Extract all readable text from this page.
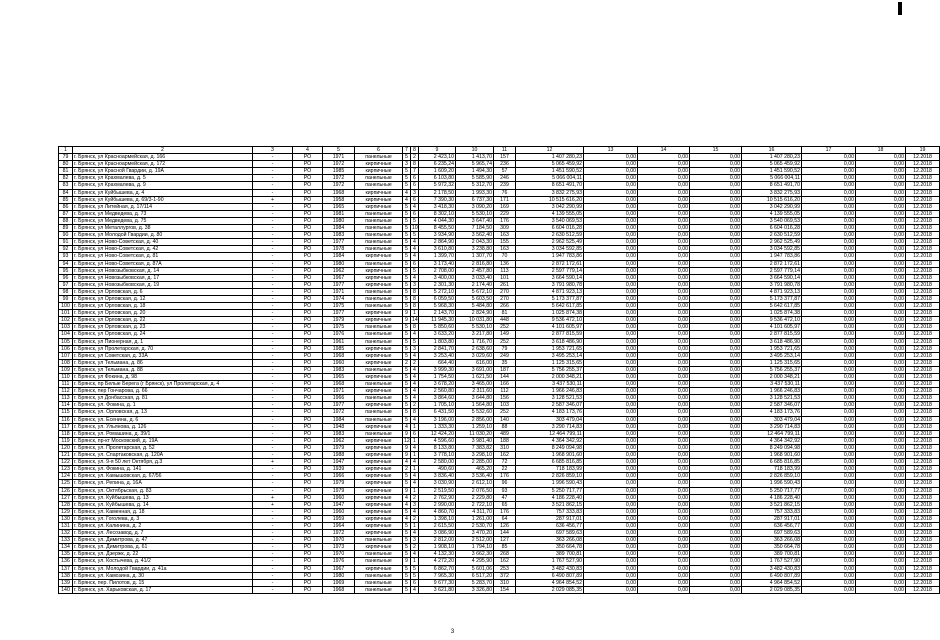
1	2	3	4	5	6	7	8	9	10	11	12	13	14	15	16	17	18	19
79	г. Брянск, ул Красноармейская, д. 166	-	РО	1971	панельные	5	2	2 423,10	1 413,70	157	1 407 280,23	0,00	0,00	0,00	1 407 280,23	0,00	0,00	12.2018
80	г. Брянск, ул Красноармейская, д. 172	-	РО	1972	кирпичные	3	8	6 235,24	5 965,74	236	5 065 459,92	0,00	0,00	0,00	5 065 459,92	0,00	0,00	12.2018
81	г. Брянск, ул Красной Гвардии, д. 19А	-	РО	1985	кирпичные	5	7	1 609,20	1 494,30	57	1 451 590,52	0,00	0,00	0,00	1 451 590,52	0,00	0,00	12.2018
82	г. Брянск, ул Крахмалева, д. 5	-	РО	1972	панельные	5	6	6 103,80	5 585,90	246	5 066 004,11	0,00	0,00	0,00	5 066 004,11	0,00	0,00	12.2018
83	г. Брянск, ул Крахмалева, д. 9	-	РО	1972	панельные	5	6	5 972,32	5 312,70	239	8 651 491,70	0,00	0,00	0,00	8 651 491,70	0,00	0,00	12.2018
84	г. Брянск, ул Куйбышева, д. 4	-	РО	1968	кирпичные	4	3	2 178,50	1 993,30	76	3 832 275,93	0,00	0,00	0,00	3 832 275,93	0,00	0,00	12.2018
85	г. Брянск, ул Куйбышева, д. 69/3-1-90	+	РО	1958	кирпичные	4	6	7 390,30	6 737,30	171	10 515 616,20	0,00	0,00	0,00	10 515 616,20	0,00	0,00	12.2018
86	г. Брянск, ул Литейная, д. 17/114	-	РО	1965	кирпичные	5	4	3 418,30	3 090,20	169	3 042 290,99	0,00	0,00	0,00	3 042 290,99	0,00	0,00	12.2018
87	г. Брянск, ул Медведева, д. 73	-	РО	1981	панельные	5	6	8 302,10	5 530,10	229	4 139 555,05	0,00	0,00	0,00	4 139 555,05	0,00	0,00	12.2018
88	г. Брянск, ул Медведева, д. 75	-	РО	1980	панельные	5	5	4 044,30	3 647,40	176	3 540 069,53	0,00	0,00	0,00	3 540 069,53	0,00	0,00	12.2018
89	г. Брянск, ул Металлургов, д. 38	-	РО	1984	панельные	5	10	8 455,50	7 184,50	309	6 604 016,28	0,00	0,00	0,00	6 604 016,28	0,00	0,00	12.2018
90	г. Брянск, ул Молодой Гвардии, д. 80	-	РО	1983	панельные	5	5	3 934,90	3 562,40	163	2 630 512,59	0,00	0,00	0,00	2 630 512,59	0,00	0,00	12.2018
91	г. Брянск, ул Ново-Советская, д. 40	-	РО	1977	панельные	5	4	2 864,90	2 043,30	155	2 962 525,49	0,00	0,00	0,00	2 962 525,49	0,00	0,00	12.2018
92	г. Брянск, ул Ново-Советская, д. 42	-	РО	1978	панельные	5	4	3 610,80	3 238,80	163	3 034 592,85	0,00	0,00	0,00	3 034 592,85	0,00	0,00	12.2018
93	г. Брянск, ул Ново-Советская, д. 81	-	РО	1984	кирпичные	5	4	1 399,70	1 307,70	70	1 947 783,86	0,00	0,00	0,00	1 947 783,86	0,00	0,00	12.2018
94	г. Брянск, ул Ново-Советская, д. 87А	-	РО	1980	панельные	5	6	3 173,40	2 816,80	136	2 872 172,61	0,00	0,00	0,00	2 872 172,61	0,00	0,00	12.2018
95	г. Брянск, ул Новозыбковская, д. 14	-	РО	1962	кирпичные	5	5	2 708,00	2 457,80	113	2 597 779,14	0,00	0,00	0,00	2 597 779,14	0,00	0,00	12.2018
96	г. Брянск, ул Новозыбковская, д. 17	-	РО	1967	кирпичные	5	4	3 400,00	3 033,40	101	3 664 590,14	0,00	0,00	0,00	3 664 590,14	0,00	0,00	12.2018
97	г. Брянск, ул Новозыбковская, д. 19	-	РО	1977	кирпичные	5	3	2 301,30	2 174,40	261	3 791 980,78	0,00	0,00	0,00	3 791 980,78	0,00	0,00	12.2018
98	г. Брянск, ул Орловская, д. 6	-	РО	1971	панельные	5	8	5 272,10	5 672,10	270	4 871 923,13	0,00	0,00	0,00	4 871 923,13	0,00	0,00	12.2018
99	г. Брянск, ул Орловская, д. 12	-	РО	1974	панельные	5	8	6 059,50	5 603,50	270	5 173 377,87	0,00	0,00	0,00	5 173 377,87	0,00	0,00	12.2018
100	г. Брянск, ул Орловская, д. 18	-	РО	1975	панельные	5	8	5 968,30	5 484,80	266	5 642 617,85	0,00	0,00	0,00	5 642 617,85	0,00	0,00	12.2018
101	г. Брянск, ул Орловская, д. 20	-	РО	1977	кирпичные	9	1	2 143,70	2 824,90	81	1 025 874,38	0,00	0,00	0,00	1 025 874,38	0,00	0,00	12.2018
102	г. Брянск, ул Орловская, д. 22	-	РО	1979	кирпичные	9	14	11 945,30	10 031,80	448	9 536 472,10	0,00	0,00	0,00	9 536 472,10	0,00	0,00	12.2018
103	г. Брянск, ул Орловская, д. 23	-	РО	1975	панельные	5	8	5 850,60	5 530,10	252	4 101 605,97	0,00	0,00	0,00	4 101 605,97	0,00	0,00	12.2018
104	г. Брянск, ул Орловская, д. 24	-	РО	1976	панельные	5	4	3 633,20	3 217,80	149	2 877 815,59	0,00	0,00	0,00	2 877 815,59	0,00	0,00	12.2018
105	г. Брянск, ул Пионерная, д. 1	-	РО	1961	панельные	5	5	1 803,80	1 716,70	252	3 618 486,90	0,00	0,00	0,00	3 618 486,90	0,00	0,00	12.2018
106	г. Брянск, ул Пролетарская, д. 70	-	РО	1985	кирпичные	5	3	2 841,70	2 638,60	79	1 953 721,65	0,00	0,00	0,00	1 953 721,65	0,00	0,00	12.2018
107	г. Брянск, ул Советская, д. 33А	-	РО	1968	кирпичные	5	4	3 253,40	3 029,60	249	3 495 253,14	0,00	0,00	0,00	3 495 253,14	0,00	0,00	12.2018
108	г. Брянск, ул Тельмана, д. 86	-	РО	1960	кирпичные	2	2	664,40	616,00	35	1 125 315,65	0,00	0,00	0,00	1 125 315,65	0,00	0,00	12.2018
109	г. Брянск, ул Тельмана, д. 88	-	РО	1983	панельные	5	4	3 999,30	3 691,00	187	5 756 255,37	0,00	0,00	0,00	5 756 255,37	0,00	0,00	12.2018
110	г. Брянск, ул Фокина, д. 98	-	РО	1965	кирпичные	5	4	1 754,50	1 621,50	144	2 000 348,21	0,00	0,00	0,00	2 000 348,21	0,00	0,00	12.2018
111	г. Брянск, пр Белые Берега (г Брянск), ул Пролетарская, д. 4	-	РО	1968	панельные	5	4	3 678,20	3 465,00	166	3 437 530,11	0,00	0,00	0,00	3 437 530,11	0,00	0,00	12.2018
112	г. Брянск, пер Гончарова, д. 66	-	РО	1971	кирпичные	5	4	2 560,80	2 311,60	112	1 966 246,83	0,00	0,00	0,00	1 966 246,83	0,00	0,00	12.2018
113	г. Брянск, ул Донбасская, д. 81	-	РО	1966	панельные	5	4	3 864,60	3 644,80	156	3 128 521,53	0,00	0,00	0,00	3 128 521,53	0,00	0,00	12.2018
114	г. Брянск, ул. Фокина, д. 1	-	РО	1977	кирпичные	5	2	1 705,10	1 564,80	103	2 587 346,07	0,00	0,00	0,00	2 587 346,07	0,00	0,00	12.2018
115	г. Брянск, ул. Орловская, д. 13	-	РО	1972	панельные	5	8	6 431,50	5 532,60	252	4 183 173,76	0,00	0,00	0,00	4 183 173,76	0,00	0,00	12.2018
116	г. Брянск, ул. Есенина, д. 6	-	РО	1984	панельные	5	4	3 196,00	2 856,00	140	303 479,04	0,00	0,00	0,00	303 479,04	0,00	0,00	12.2018
117	г. Брянск, ул. Ульянова, д. 126	-	РО	1948	кирпичные	4	1	1 333,30	1 259,10	88	3 290 714,83	0,00	0,00	0,00	3 290 714,83	0,00	0,00	12.2018
118	г. Брянск, ул. Ромашина, д. 39/1	-	РО	1983	панельные	9	6	12 424,20	11 030,20	489	12 464 799,11	0,00	0,00	0,00	12 464 799,11	0,00	0,00	12.2018
119	г. Брянск, пр-кт Московский, д. 19А	-	РО	1962	кирпичные	12	1	4 596,60	3 981,40	188	4 364 342,92	0,00	0,00	0,00	4 364 342,92	0,00	0,00	12.2018
120	г. Брянск, ул. Пролетарская, д. 52	-	РО	1979	кирпичные	9	4	8 133,80	7 383,82	310	8 249 094,98	0,00	0,00	0,00	8 249 094,98	0,00	0,00	12.2018
121	г. Брянск, ул. Спартаковская, д. 120А	-	РО	1988	кирпичные	9	1	3 778,10	3 298,10	162	1 968 901,60	0,00	0,00	0,00	1 968 901,60	0,00	0,00	12.2018
122	г. Брянск, ул. 9-я 50 лет Октября, д.3	+	РО	1947	кирпичные	4	4	2 580,00	2 285,00	72	6 685 816,85	0,00	0,00	0,00	6 685 816,85	0,00	0,00	12.2018
123	г. Брянск, ул. Фокина, д. 141	-	РО	1939	кирпичные	2	1	490,60	465,20	22	718 183,99	0,00	0,00	0,00	718 183,99	0,00	0,00	12.2018
124	г. Брянск, ул. Камышовская, д. 67/56	-	РО	1966	кирпичные	5	4	3 836,40	3 536,40	176	2 826 859,10	0,00	0,00	0,00	2 826 859,10	0,00	0,00	12.2018
125	г. Брянск, ул. Репина, д. 16А	-	РО	1979	кирпичные	5	4	3 030,90	2 612,10	96	1 996 590,43	0,00	0,00	0,00	1 996 590,43	0,00	0,00	12.2018
126	г. Брянск, ул. Октябрьская, д. 83	-	РО	1979	кирпичные	9	1	2 519,50	2 076,50	93	5 250 717,77	0,00	0,00	0,00	5 250 717,77	0,00	0,00	12.2018
127	г. Брянск, ул. Куйбышева, д. 13	+	РО	1960	кирпичные	4	2	2 762,90	2 229,80	47	4 186 228,40	0,00	0,00	0,00	4 186 228,40	0,00	0,00	12.2018
128	г. Брянск, ул. Куйбышева, д. 14	+	РО	1947	кирпичные	4	3	2 990,00	2 722,10	65	3 521 862,15	0,00	0,00	0,00	3 521 862,15	0,00	0,00	12.2018
129	г. Брянск, ул. Каменная, д. 18	-	РО	1960	кирпичные	5	4	4 860,70	4 311,70	176	757 333,83	0,00	0,00	0,00	757 333,83	0,00	0,00	12.2018
130	г. Брянск, ул. Гоголева, д. 3	-	РО	1959	кирпичные	4	2	1 398,10	1 261,00	64	287 917,01	0,00	0,00	0,00	287 917,01	0,00	0,00	12.2018
131	г. Брянск, ул. Калинина, д. 2	-	РО	1964	кирпичные	5	1	2 615,50	2 530,70	126	636 456,77	0,00	0,00	0,00	636 456,77	0,00	0,00	12.2018
132	г. Брянск, ул. Лесозавод, д. 7	-	РО	1972	кирпичные	5	4	3 086,90	3 470,20	144	697 589,63	0,00	0,00	0,00	697 589,63	0,00	0,00	12.2018
133	г. Брянск, ул. Димитрова, д. 47	-	РО	1970	панельные	5	3	2 812,00	2 512,00	127	363 266,08	0,00	0,00	0,00	363 266,08	0,00	0,00	12.2018
134	г. Брянск, ул. Димитрова, д. 61	-	РО	1973	кирпичные	5	2	1 908,10	1 794,10	85	350 664,78	0,00	0,00	0,00	350 664,78	0,00	0,00	12.2018
135	г. Брянск, ул. Дзержк, д. 22	-	РО	1970	панельные	5	4	4 132,30	3 662,30	268	389 700,81	0,00	0,00	0,00	389 700,81	0,00	0,00	12.2018
136	г. Брянск, ул. Костычева, д. 41/2	-	РО	1976	панельные	9	1	4 272,20	4 295,90	162	1 767 527,90	0,00	0,00	0,00	1 767 527,90	0,00	0,00	12.2018
137	г. Брянск, ул. Молодой Гвардии, д. 41а	-	РО	1967	кирпичные	5	5	6 862,70	5 601,06	253	3 482 430,83	0,00	0,00	0,00	3 482 430,83	0,00	0,00	12.2018
138	г. Брянск, ул. Камозина, д. 30	-	РО	1980	панельные	5	5	7 965,30	6 517,20	372	6 490 807,89	0,00	0,00	0,00	6 490 807,89	0,00	0,00	12.2018
139	г. Брянск, пер. Пилотов, д. 15	-	РО	1969	панельные	5	6	9 677,30	5 283,70	310	4 964 854,52	0,00	0,00	0,00	4 964 854,52	0,00	0,00	12.2018
140	г. Брянск, ул. Харьковская, д. 17	-	РО	1968	панельные	5	4	3 621,80	3 326,80	154	2 029 085,35	0,00	0,00	0,00	2 029 085,35	0,00	0,00	12.2018
3
